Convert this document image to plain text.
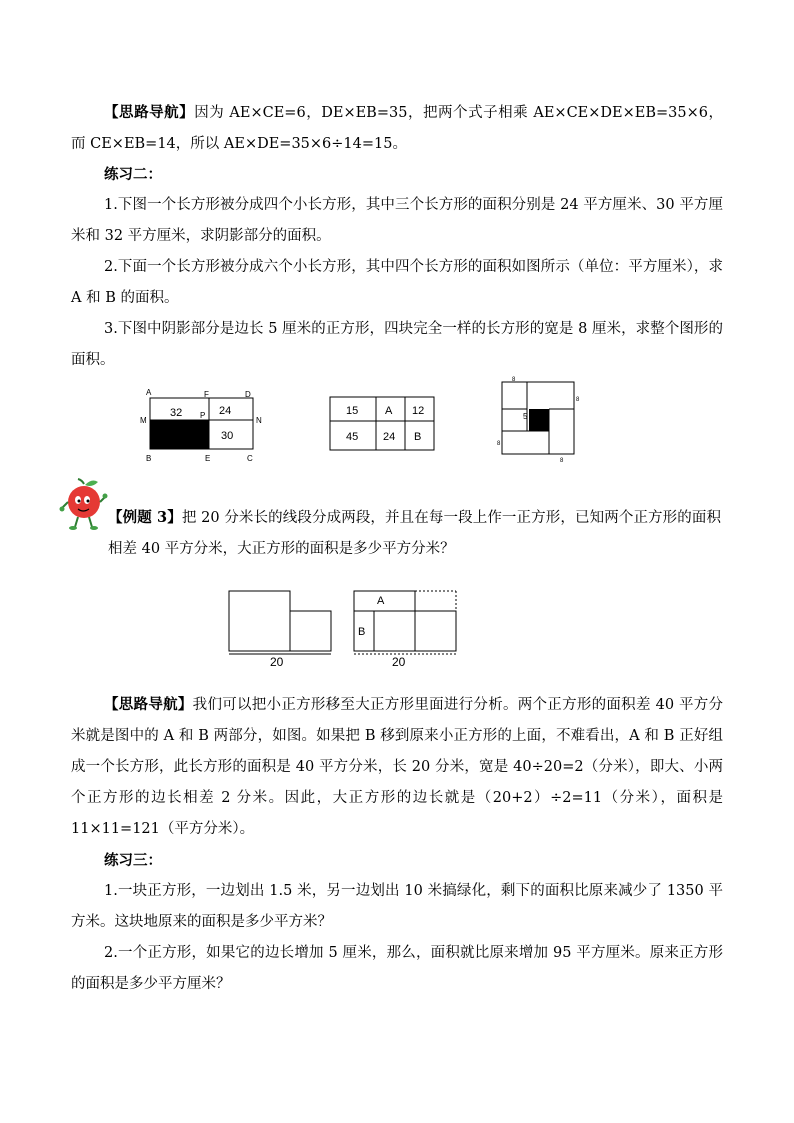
【思路导航】因为 AE×CE=6，DE×EB=35，把两个式子相乘 AE×CE×DE×EB=35×6，而 CE×EB=14，所以 AE×DE=35×6÷14=15。

练习二：

1.下图一个长方形被分成四个小长方形，其中三个长方形的面积分别是 24 平方厘米、30 平方厘米和 32 平方厘米，求阴影部分的面积。

2.下面一个长方形被分成六个小长方形，其中四个长方形的面积如图所示（单位：平方厘米），求 A 和 B 的面积。

3.下图中阴影部分是边长 5 厘米的正方形，四块完全一样的长方形的宽是 8 厘米，求整个图形的面积。

32	24
30
A	F	D
M
P
N
B	E	C
15 A 12
45 24 B
5
8
8
8
8

【例题 3】把 20 分米长的线段分成两段，并且在每一段上作一正方形，已知两个正方形的面积相差 40 平方分米，大正方形的面积是多少平方分米？

20
A
B
20

【思路导航】我们可以把小正方形移至大正方形里面进行分析。两个正方形的面积差 40 平方分米就是图中的 A 和 B 两部分，如图。如果把 B 移到原来小正方形的上面，不难看出，A 和 B 正好组成一个长方形，此长方形的面积是 40 平方分米，长 20 分米，宽是 40÷20=2（分米），即大、小两个正方形的边长相差 2 分米。因此，大正方形的边长就是（20+2）÷2=11（分米），面积是 11×11=121（平方分米）。

练习三：

1.一块正方形，一边划出 1.5 米，另一边划出 10 米搞绿化，剩下的面积比原来减少了 1350 平方米。这块地原来的面积是多少平方米？

2.一个正方形，如果它的边长增加 5 厘米，那么，面积就比原来增加 95 平方厘米。原来正方形的面积是多少平方厘米？
